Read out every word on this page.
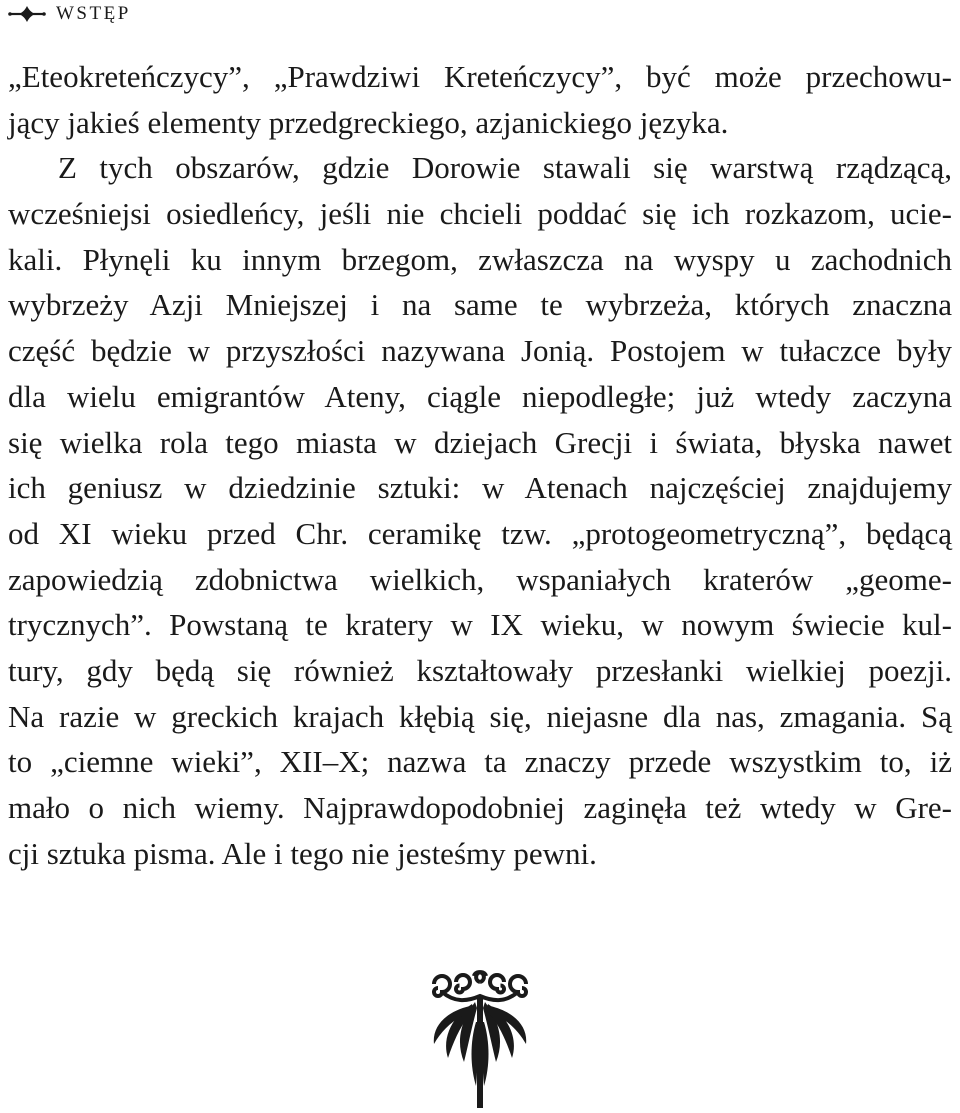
WSTĘP
„Eteokreteńczycy”, „Prawdziwi Kreteńczycy”, być może przechowu-
jący jakieś elementy przedgreckiego, azjanickiego języka.
Z tych obszarów, gdzie Dorowie stawali się warstwą rządzącą,
wcześniejsi osiedleńcy, jeśli nie chcieli poddać się ich rozkazom, ucie-
kali. Płynęli ku innym brzegom, zwłaszcza na wyspy u zachodnich
wybrzeży Azji Mniejszej i na same te wybrzeża, których znaczna
część będzie w przyszłości nazywana Jonią. Postojem w tułaczce były
dla wielu emigrantów Ateny, ciągle niepodległe; już wtedy zaczyna
się wielka rola tego miasta w dziejach Grecji i świata, błyska nawet
ich geniusz w dziedzinie sztuki: w Atenach najczęściej znajdujemy
od XI wieku przed Chr. ceramikę tzw. „protogeometryczną”, będącą
zapowiedzią zdobnictwa wielkich, wspaniałych kraterów „geome-
trycznych”. Powstaną te kratery w IX wieku, w nowym świecie kul-
tury, gdy będą się również kształtowały przesłanki wielkiej poezji.
Na razie w greckich krajach kłębią się, niejasne dla nas, zmagania. Są
to „ciemne wieki”, XII–X; nazwa ta znaczy przede wszystkim to, iż
mało o nich wiemy. Najprawdopodobniej zaginęła też wtedy w Gre-
cji sztuka pisma. Ale i tego nie jesteśmy pewni.
